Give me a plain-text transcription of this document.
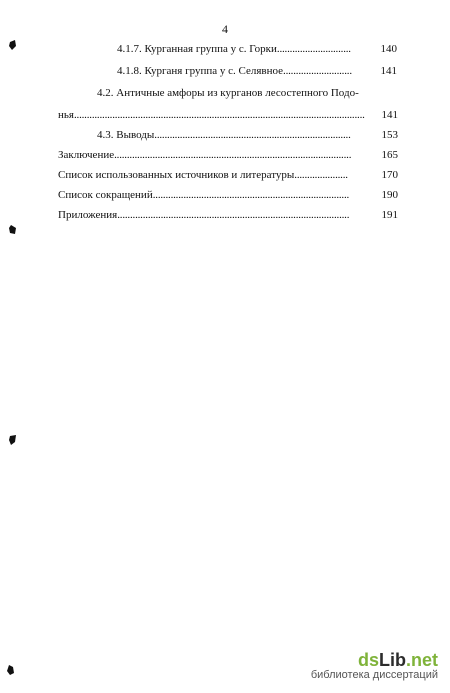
4
4.1.7. Курганная группа у с. Горки.............................	140
4.1.8. Курганя группа у с. Селявное...........................	141
4.2. Античные амфоры из курганов лесостепного Подо-
нья..................................................................................................................	141
4.3. Выводы.............................................................................	153
Заключение.............................................................................................	165
Список использованных источников и литературы.....................	170
Список сокращений.............................................................................	190
Приложения...........................................................................................	191
dsLib.net
библиотека диссертаций
